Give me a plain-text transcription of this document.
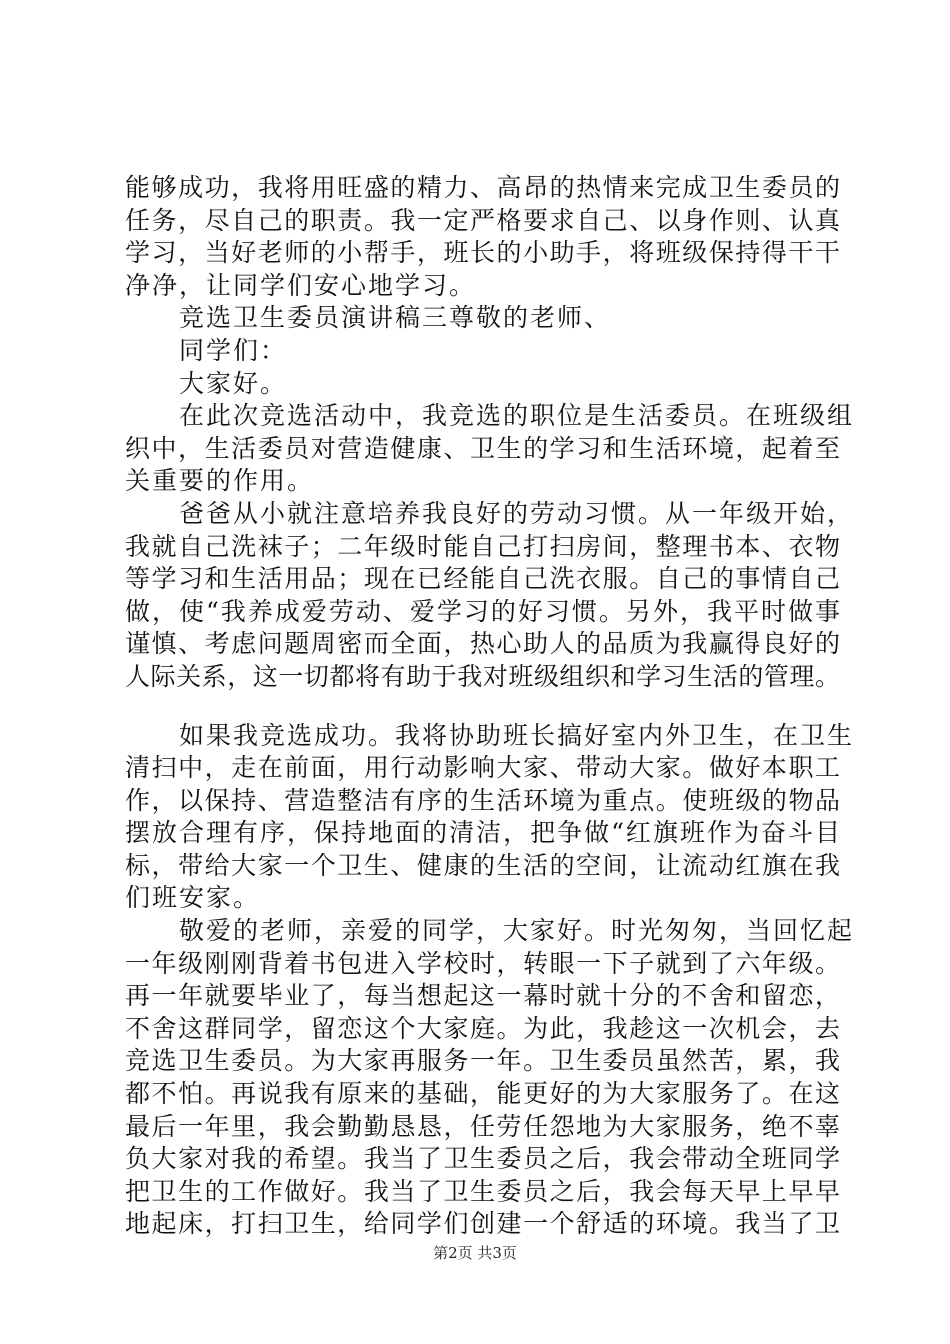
能够成功，我将用旺盛的精力、高昂的热情来完成卫生委员的
任务，尽自己的职责。我一定严格要求自己、以身作则、认真
学习，当好老师的小帮手，班长的小助手，将班级保持得干干
净净，让同学们安心地学习。
竞选卫生委员演讲稿三尊敬的老师、
同学们：
大家好。
在此次竞选活动中，我竞选的职位是生活委员。在班级组
织中，生活委员对营造健康、卫生的学习和生活环境，起着至
关重要的作用。
爸爸从小就注意培养我良好的劳动习惯。从一年级开始，
我就自己洗袜子；二年级时能自己打扫房间，整理书本、衣物
等学习和生活用品；现在已经能自己洗衣服。自己的事情自己
做，使“我养成爱劳动、爱学习的好习惯。另外，我平时做事
谨慎、考虑问题周密而全面，热心助人的品质为我赢得良好的
人际关系，这一切都将有助于我对班级组织和学习生活的管理。
如果我竞选成功。我将协助班长搞好室内外卫生，在卫生
清扫中，走在前面，用行动影响大家、带动大家。做好本职工
作，以保持、营造整洁有序的生活环境为重点。使班级的物品
摆放合理有序，保持地面的清洁，把争做“红旗班作为奋斗目
标，带给大家一个卫生、健康的生活的空间，让流动红旗在我
们班安家。
敬爱的老师，亲爱的同学，大家好。时光匆匆，当回忆起
一年级刚刚背着书包进入学校时，转眼一下子就到了六年级。
再一年就要毕业了，每当想起这一幕时就十分的不舍和留恋，
不舍这群同学，留恋这个大家庭。为此，我趁这一次机会，去
竞选卫生委员。为大家再服务一年。卫生委员虽然苦，累，我
都不怕。再说我有原来的基础，能更好的为大家服务了。在这
最后一年里，我会勤勤恳恳，任劳任怨地为大家服务，绝不辜
负大家对我的希望。我当了卫生委员之后，我会带动全班同学
把卫生的工作做好。我当了卫生委员之后，我会每天早上早早
地起床，打扫卫生，给同学们创建一个舒适的环境。我当了卫
第2页 共3页
